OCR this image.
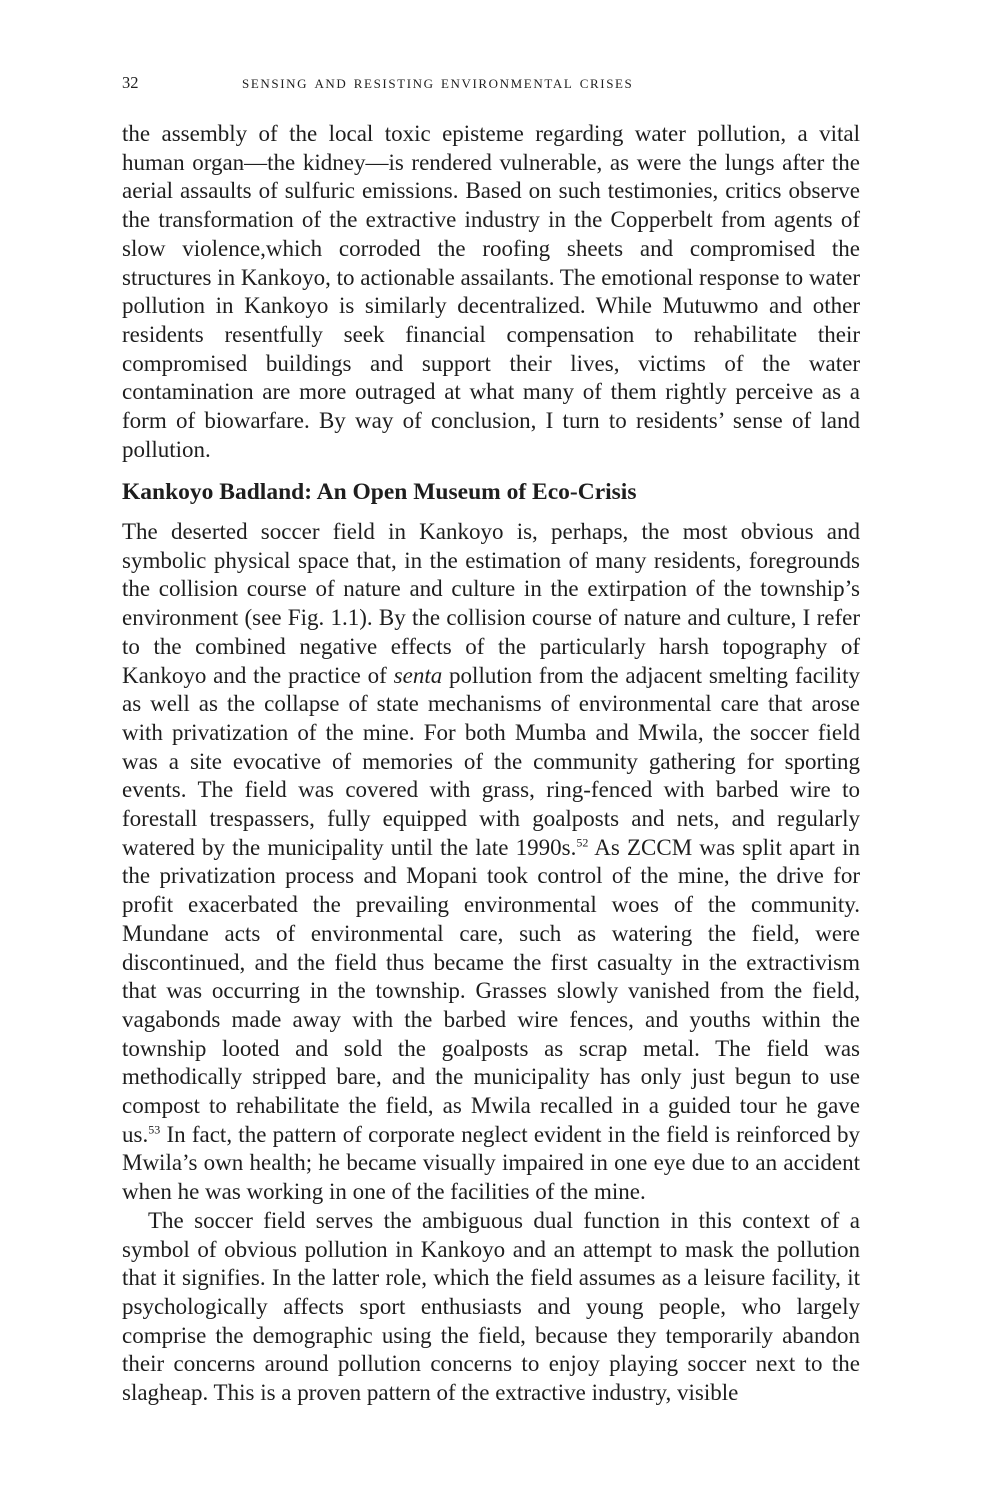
32	sensing and resisting environmental crises

the assembly of the local toxic episteme regarding water pollution, a vital human organ—the kidney—is rendered vulnerable, as were the lungs after the aerial assaults of sulfuric emissions. Based on such testimonies, critics observe the transformation of the extractive industry in the Copperbelt from agents of slow violence,which corroded the roofing sheets and compromised the structures in Kankoyo, to actionable assailants. The emotional response to water pollution in Kankoyo is similarly decentralized. While Mutuwmo and other residents resentfully seek financial compensation to rehabilitate their compromised buildings and support their lives, victims of the water contamination are more outraged at what many of them rightly perceive as a form of biowarfare. By way of conclusion, I turn to residents’ sense of land pollution.

Kankoyo Badland: An Open Museum of Eco-Crisis

The deserted soccer field in Kankoyo is, perhaps, the most obvious and symbolic physical space that, in the estimation of many residents, foregrounds the collision course of nature and culture in the extirpation of the township’s environment (see Fig. 1.1). By the collision course of nature and culture, I refer to the combined negative effects of the particularly harsh topography of Kankoyo and the practice of senta pollution from the adjacent smelting facility as well as the collapse of state mechanisms of environmental care that arose with privatization of the mine. For both Mumba and Mwila, the soccer field was a site evocative of memories of the community gathering for sporting events. The field was covered with grass, ring-fenced with barbed wire to forestall trespassers, fully equipped with goalposts and nets, and regularly watered by the municipality until the late 1990s.$^{52}$ As ZCCM was split apart in the privatization process and Mopani took control of the mine, the drive for profit exacerbated the prevailing environmental woes of the community. Mundane acts of environmental care, such as watering the field, were discontinued, and the field thus became the first casualty in the extractivism that was occurring in the township. Grasses slowly vanished from the field, vagabonds made away with the barbed wire fences, and youths within the township looted and sold the goalposts as scrap metal. The field was methodically stripped bare, and the municipality has only just begun to use compost to rehabilitate the field, as Mwila recalled in a guided tour he gave us.$^{53}$ In fact, the pattern of corporate neglect evident in the field is reinforced by Mwila’s own health; he became visually impaired in one eye due to an accident when he was working in one of the facilities of the mine.

The soccer field serves the ambiguous dual function in this context of a symbol of obvious pollution in Kankoyo and an attempt to mask the pollution that it signifies. In the latter role, which the field assumes as a leisure facility, it psychologically affects sport enthusiasts and young people, who largely comprise the demographic using the field, because they temporarily abandon their concerns around pollution concerns to enjoy playing soccer next to the slagheap. This is a proven pattern of the extractive industry, visible
